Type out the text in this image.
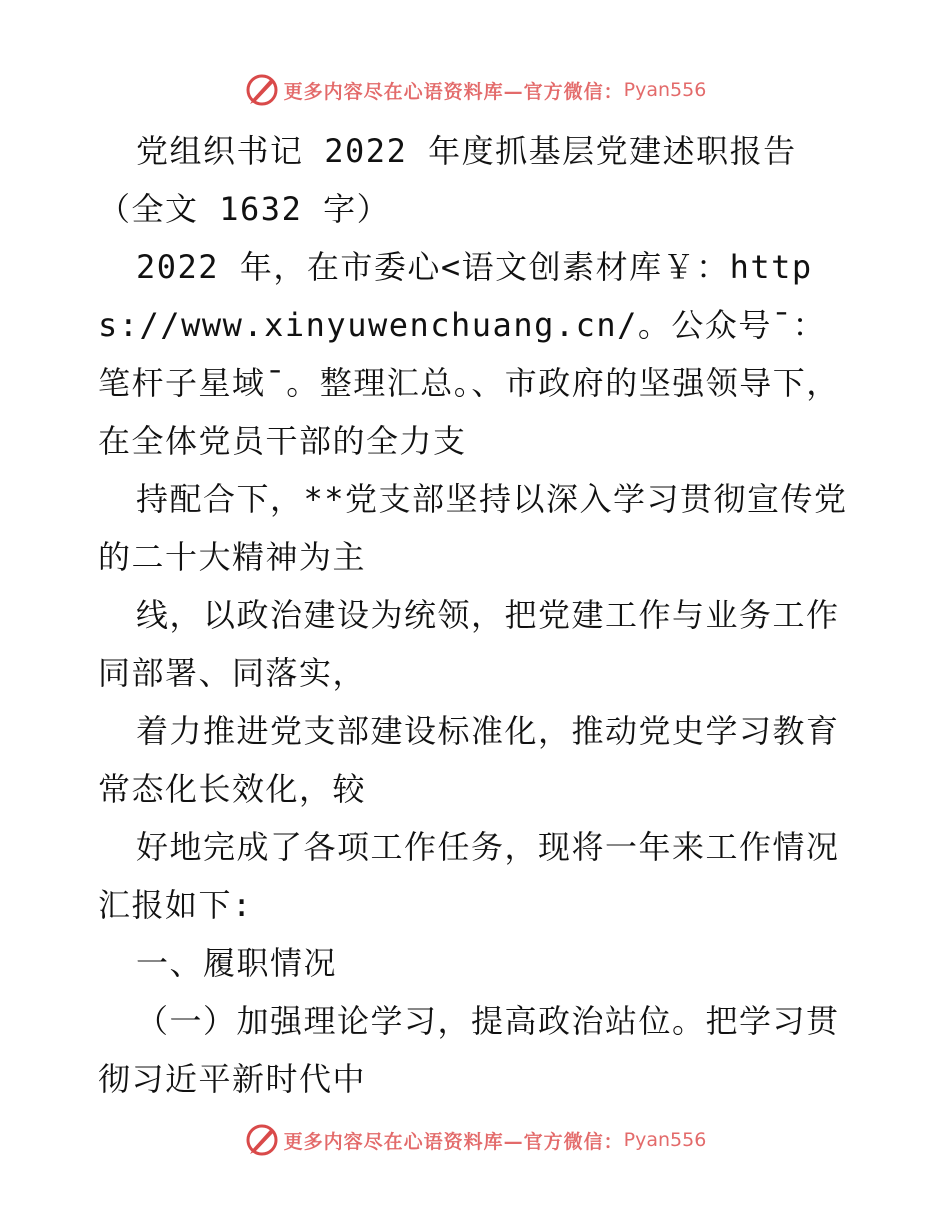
更多内容尽在心语资料库—官方微信： Pyan556
党组织书记 2022 年度抓基层党建述职报告（全文 1632 字）
2022 年，在市委心<语文创素材库￥：https://www.xinyuwenchuang.cn/。公众号¯：笔杆子星域¯。整理汇总。、市政府的坚强领导下，在全体党员干部的全力支
持配合下，**党支部坚持以深入学习贯彻宣传党的二十大精神为主
线，以政治建设为统领，把党建工作与业务工作同部署、同落实，
着力推进党支部建设标准化，推动党史学习教育常态化长效化，较
好地完成了各项工作任务，现将一年来工作情况汇报如下:
一、履职情况
（一）加强理论学习，提高政治站位。把学习贯彻习近平新时代中
更多内容尽在心语资料库—官方微信： Pyan556
